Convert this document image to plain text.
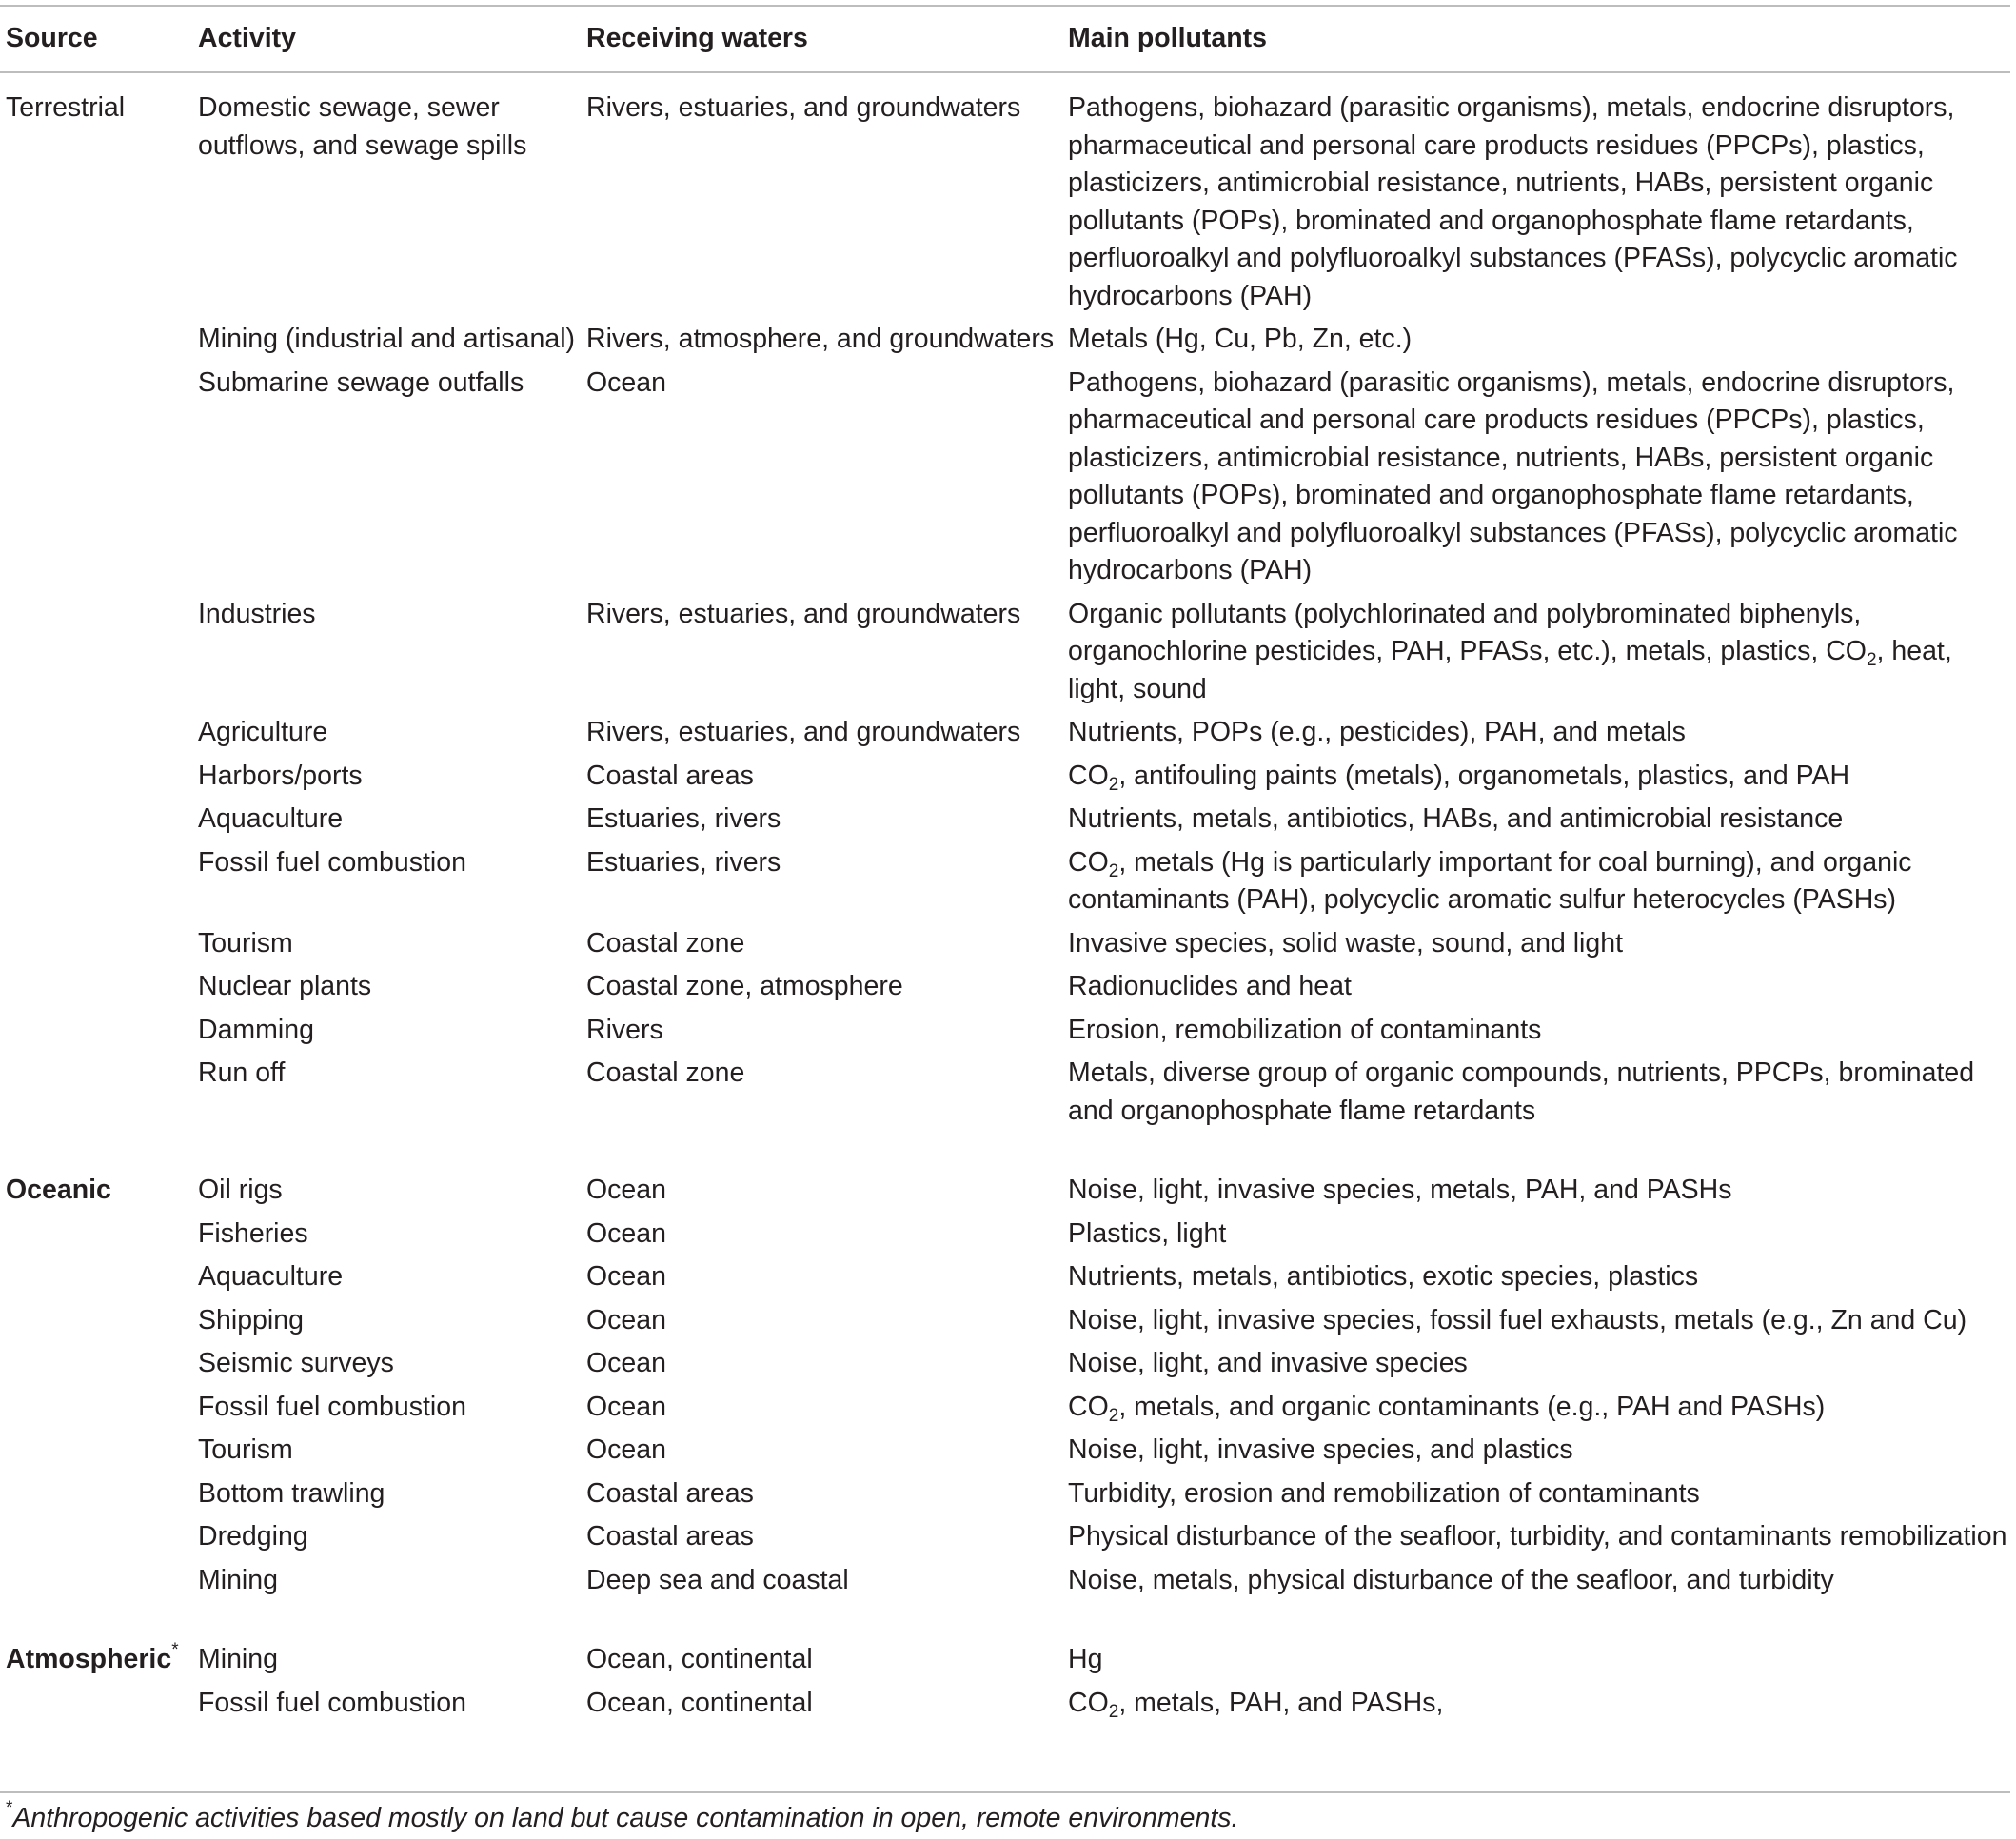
Source	Activity	Receiving waters	Main pollutants
Terrestrial	Domestic sewage, sewer outflows, and sewage spills	Rivers, estuaries, and groundwaters	Pathogens, biohazard (parasitic organisms), metals, endocrine disruptors, pharmaceutical and personal care products residues (PPCPs), plastics, plasticizers, antimicrobial resistance, nutrients, HABs, persistent organic pollutants (POPs), brominated and organophosphate flame retardants, perfluoroalkyl and polyfluoroalkyl substances (PFASs), polycyclic aromatic hydrocarbons (PAH)
	Mining (industrial and artisanal)	Rivers, atmosphere, and groundwaters	Metals (Hg, Cu, Pb, Zn, etc.)
	Submarine sewage outfalls	Ocean	Pathogens, biohazard (parasitic organisms), metals, endocrine disruptors, pharmaceutical and personal care products residues (PPCPs), plastics, plasticizers, antimicrobial resistance, nutrients, HABs, persistent organic pollutants (POPs), brominated and organophosphate flame retardants, perfluoroalkyl and polyfluoroalkyl substances (PFASs), polycyclic aromatic hydrocarbons (PAH)
	Industries	Rivers, estuaries, and groundwaters	Organic pollutants (polychlorinated and polybrominated biphenyls, organochlorine pesticides, PAH, PFASs, etc.), metals, plastics, $CO_2$, heat, light, sound
	Agriculture	Rivers, estuaries, and groundwaters	Nutrients, POPs (e.g., pesticides), PAH, and metals
	Harbors/ports	Coastal areas	$CO_2$, antifouling paints (metals), organometals, plastics, and PAH
	Aquaculture	Estuaries, rivers	Nutrients, metals, antibiotics, HABs, and antimicrobial resistance
	Fossil fuel combustion	Estuaries, rivers	$CO_2$, metals (Hg is particularly important for coal burning), and organic contaminants (PAH), polycyclic aromatic sulfur heterocycles (PASHs)
	Tourism	Coastal zone	Invasive species, solid waste, sound, and light
	Nuclear plants	Coastal zone, atmosphere	Radionuclides and heat
	Damming	Rivers	Erosion, remobilization of contaminants
	Run off	Coastal zone	Metals, diverse group of organic compounds, nutrients, PPCPs, brominated and organophosphate flame retardants

Oceanic	Oil rigs	Ocean	Noise, light, invasive species, metals, PAH, and PASHs
	Fisheries	Ocean	Plastics, light
	Aquaculture	Ocean	Nutrients, metals, antibiotics, exotic species, plastics
	Shipping	Ocean	Noise, light, invasive species, fossil fuel exhausts, metals (e.g., Zn and Cu)
	Seismic surveys	Ocean	Noise, light, and invasive species
	Fossil fuel combustion	Ocean	$CO_2$, metals, and organic contaminants (e.g., PAH and PASHs)
	Tourism	Ocean	Noise, light, invasive species, and plastics
	Bottom trawling	Coastal areas	Turbidity, erosion and remobilization of contaminants
	Dredging	Coastal areas	Physical disturbance of the seafloor, turbidity, and contaminants remobilization
	Mining	Deep sea and coastal	Noise, metals, physical disturbance of the seafloor, and turbidity

Atmospheric*	Mining	Ocean, continental	Hg
	Fossil fuel combustion	Ocean, continental	$CO_2$, metals, PAH, and PASHs,
*Anthropogenic activities based mostly on land but cause contamination in open, remote environments.
